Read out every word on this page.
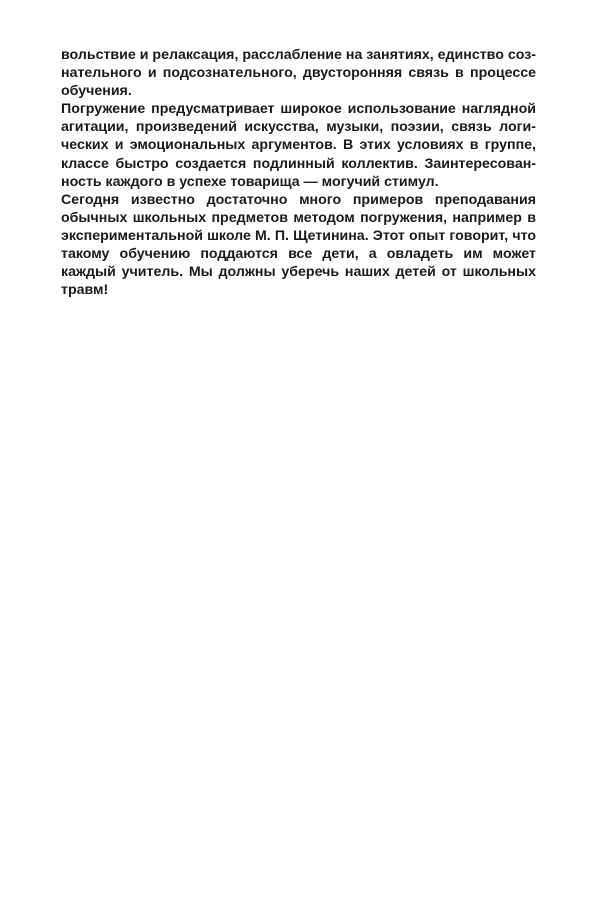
вольствие и релаксация, расслабление на занятиях, единство соз-
нательного и подсознательного, двусторонняя связь в процессе
обучения.
Погружение предусматривает широкое использование наглядной
агитации, произведений искусства, музыки, поэзии, связь логи-
ческих и эмоциональных аргументов. В этих условиях в группе,
классе быстро создается подлинный коллектив. Заинтересован-
ность каждого в успехе товарища — могучий стимул.
Сегодня известно достаточно много примеров преподавания
обычных школьных предметов методом погружения, например в
экспериментальной школе М. П. Щетинина. Этот опыт говорит, что
такому обучению поддаются все дети, а овладеть им может
каждый учитель. Мы должны уберечь наших детей от школьных
травм!
